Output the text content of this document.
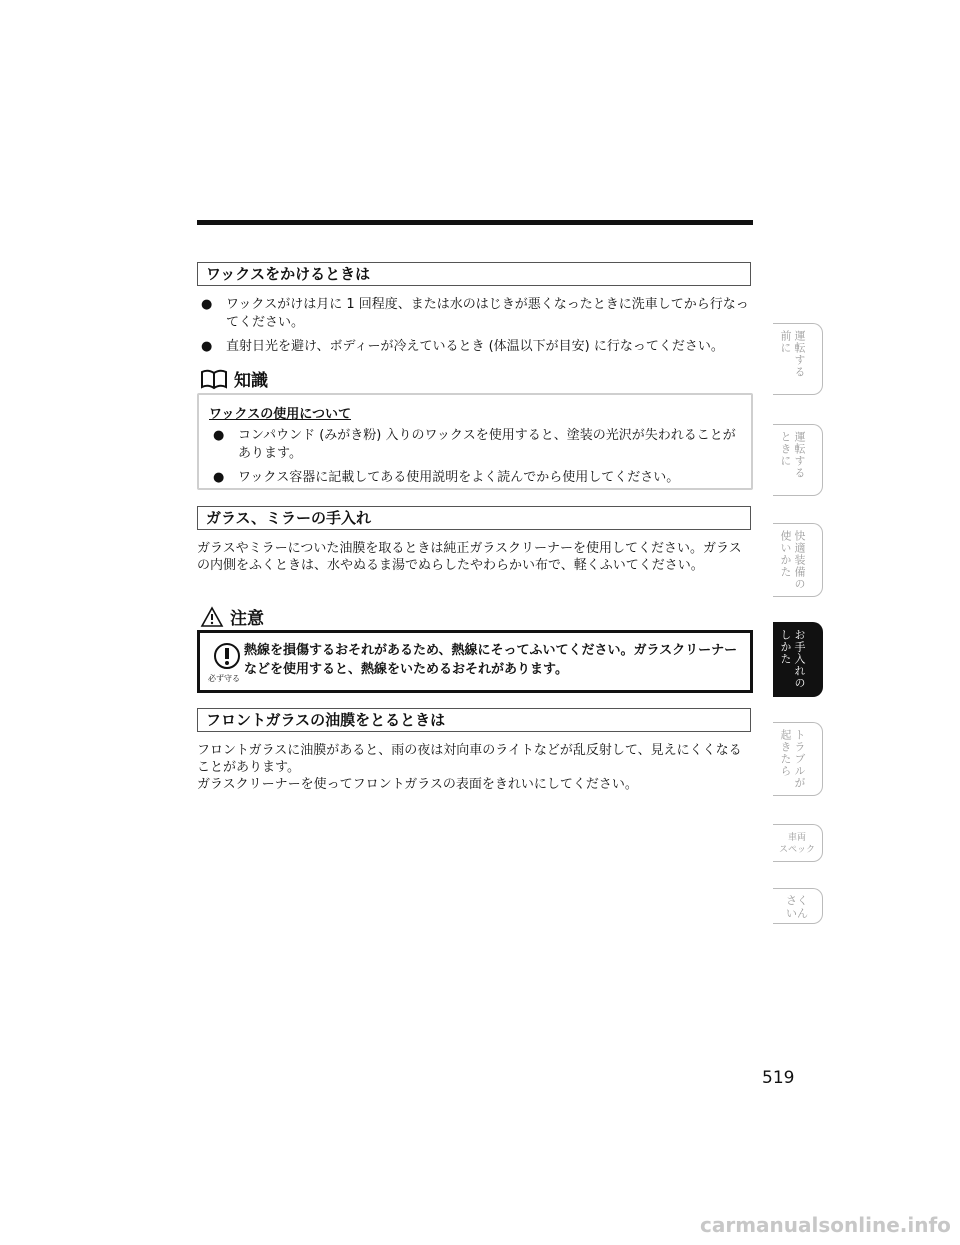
ワックスをかけるときは
● ワックスがけは月に 1 回程度、または水のはじきが悪くなったときに洗車してから行なってください。
● 直射日光を避け、ボディーが冷えているとき (体温以下が目安) に行なってください。
知識
ワックスの使用について
● コンパウンド (みがき粉) 入りのワックスを使用すると、塗装の光沢が失われることがあります。
● ワックス容器に記載してある使用説明をよく読んでから使用してください。
ガラス、ミラーの手入れ

ガラスやミラーについた油膜を取るときは純正ガラスクリーナーを使用してください。ガラスの内側をふくときは、水やぬるま湯でぬらしたやわらかい布で、軽くふいてください。

注意
必ず守る
熱線を損傷するおそれがあるため、熱線にそってふいてください。ガラスクリーナーなどを使用すると、熱線をいためるおそれがあります。
フロントガラスの油膜をとるときは

フロントガラスに油膜があると、雨の夜は対向車のライトなどが乱反射して、見えにくくなることがあります。

ガラスクリーナーを使ってフロントガラスの表面をきれいにしてください。

運転する
前に
運転する
ときに
快適装備の
使いかた
お手入れの
しかた
トラブルが
起きたら
車両
スペック
さく
いん
519
carmanualsonline.info
